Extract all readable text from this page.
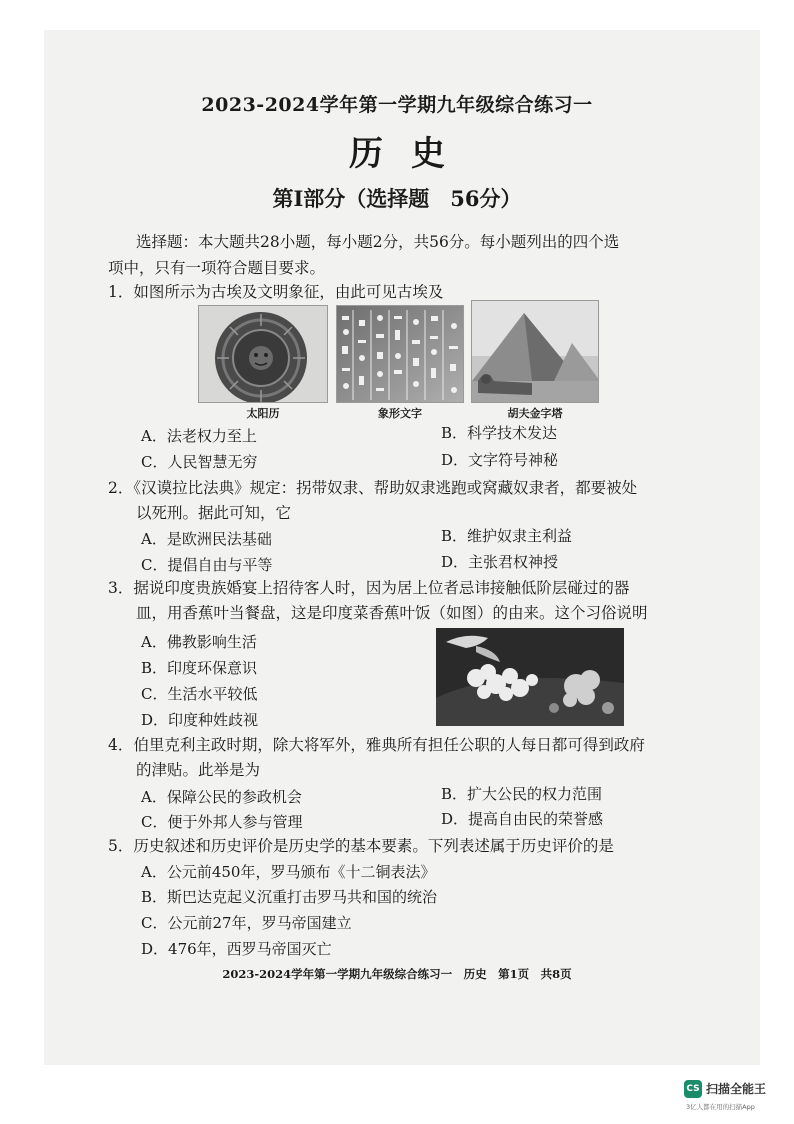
2023-2024学年第一学期九年级综合练习一
历史
第I部分（选择题　56分）
选择题：本大题共28小题，每小题2分，共56分。每小题列出的四个选
项中，只有一项符合题目要求。
1．如图所示为古埃及文明象征，由此可见古埃及
太阳历	象形文字	胡夫金字塔
A．法老权力至上	B．科学技术发达
C．人民智慧无穷	D．文字符号神秘
2．《汉谟拉比法典》规定：拐带奴隶、帮助奴隶逃跑或窝藏奴隶者，都要被处
以死刑。据此可知，它
A．是欧洲民法基础	B．维护奴隶主利益
C．提倡自由与平等	D．主张君权神授
3．据说印度贵族婚宴上招待客人时，因为居上位者忌讳接触低阶层碰过的器
皿，用香蕉叶当餐盘，这是印度菜香蕉叶饭（如图）的由来。这个习俗说明
A．佛教影响生活
B．印度环保意识
C．生活水平较低
D．印度种姓歧视
4．伯里克利主政时期，除大将军外，雅典所有担任公职的人每日都可得到政府
的津贴。此举是为
A．保障公民的参政机会	B．扩大公民的权力范围
C．便于外邦人参与管理	D．提高自由民的荣誉感
5．历史叙述和历史评价是历史学的基本要素。下列表述属于历史评价的是
A．公元前450年，罗马颁布《十二铜表法》
B．斯巴达克起义沉重打击罗马共和国的统治
C．公元前27年，罗马帝国建立
D．476年，西罗马帝国灭亡
2023-2024学年第一学期九年级综合练习一　历史　第1页　共8页
CS 扫描全能王
3亿人都在用的扫描App
